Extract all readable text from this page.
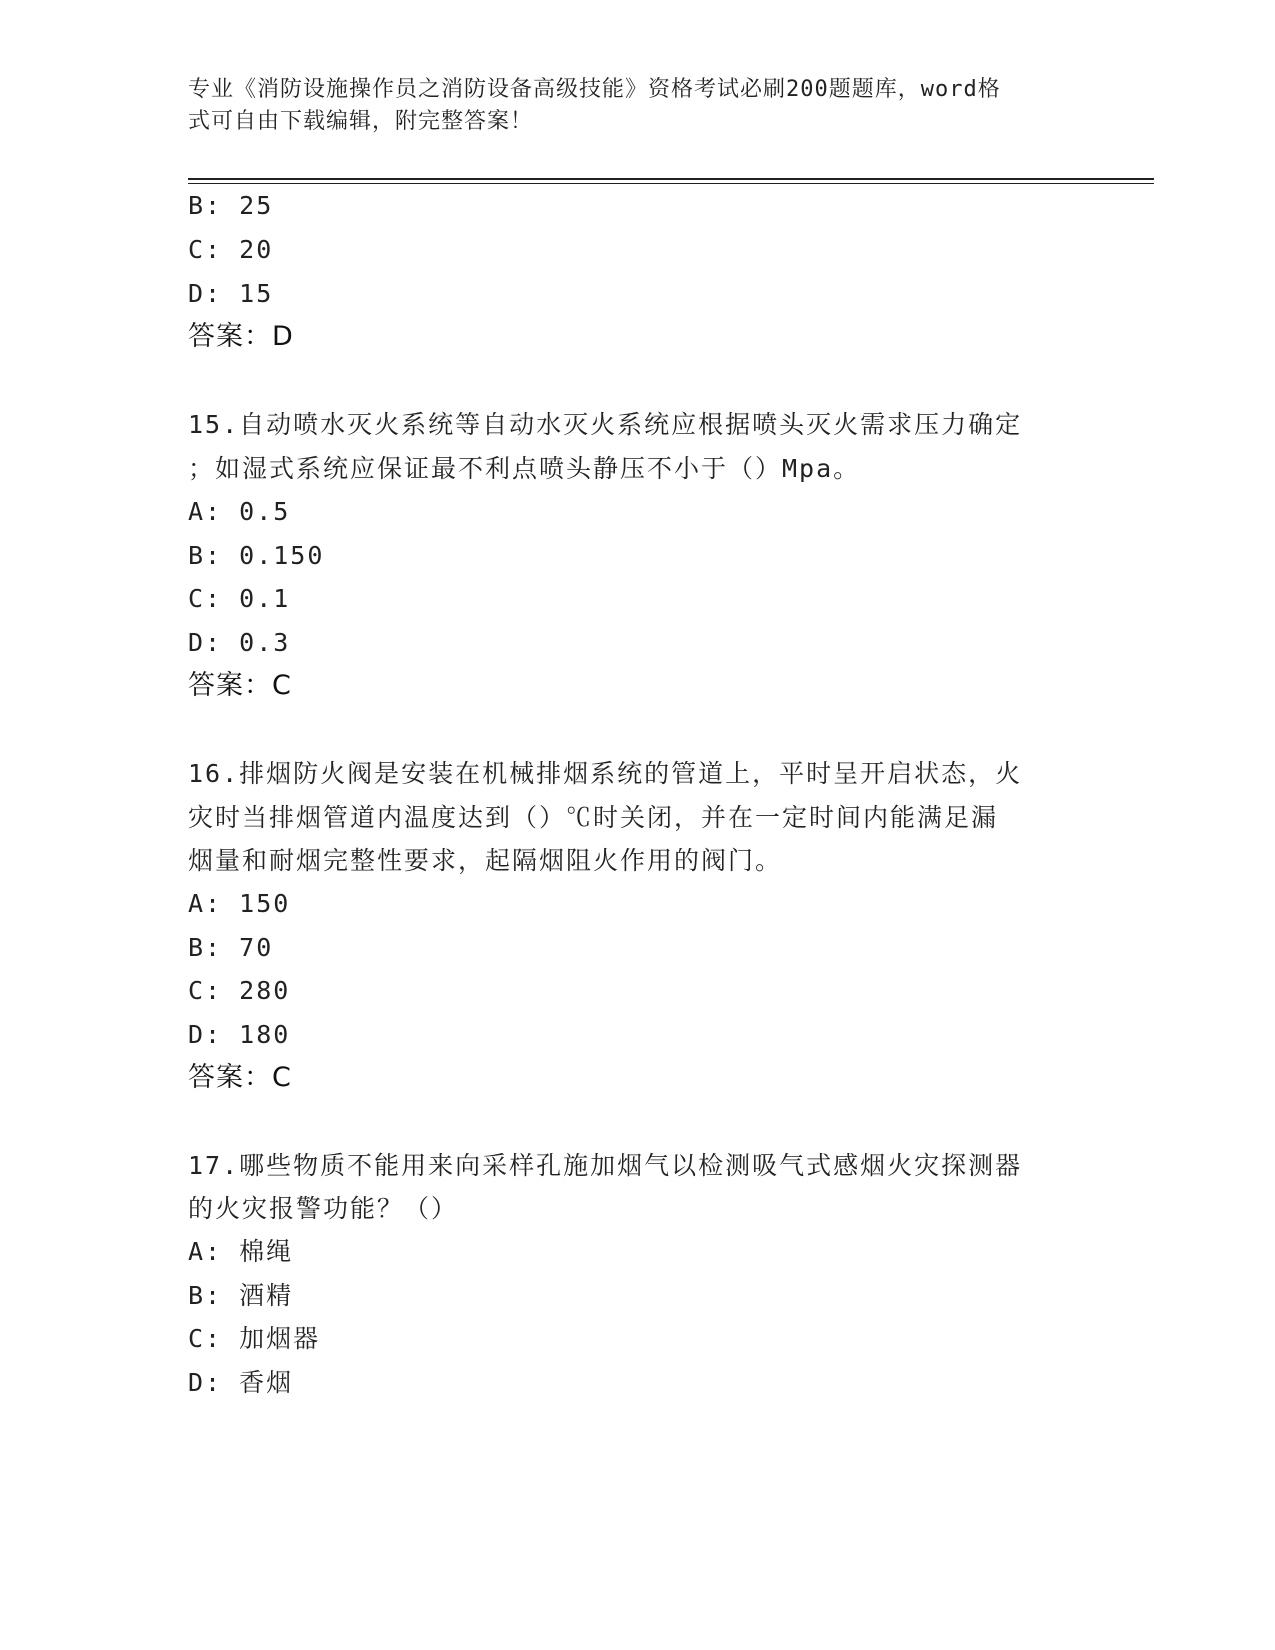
专业《消防设施操作员之消防设备高级技能》资格考试必刷200题题库，word格
式可自由下载编辑，附完整答案！
B: 25
C: 20
D: 15
答案：D
15.自动喷水灭火系统等自动水灭火系统应根据喷头灭火需求压力确定
；如湿式系统应保证最不利点喷头静压不小于（）Mpa。
A: 0.5
B: 0.150
C: 0.1
D: 0.3
答案：C
16.排烟防火阀是安装在机械排烟系统的管道上，平时呈开启状态，火
灾时当排烟管道内温度达到（）℃时关闭，并在一定时间内能满足漏
烟量和耐烟完整性要求，起隔烟阻火作用的阀门。
A: 150
B: 70
C: 280
D: 180
答案：C
17.哪些物质不能用来向采样孔施加烟气以检测吸气式感烟火灾探测器
的火灾报警功能？（）
A: 棉绳
B: 酒精
C: 加烟器
D: 香烟
